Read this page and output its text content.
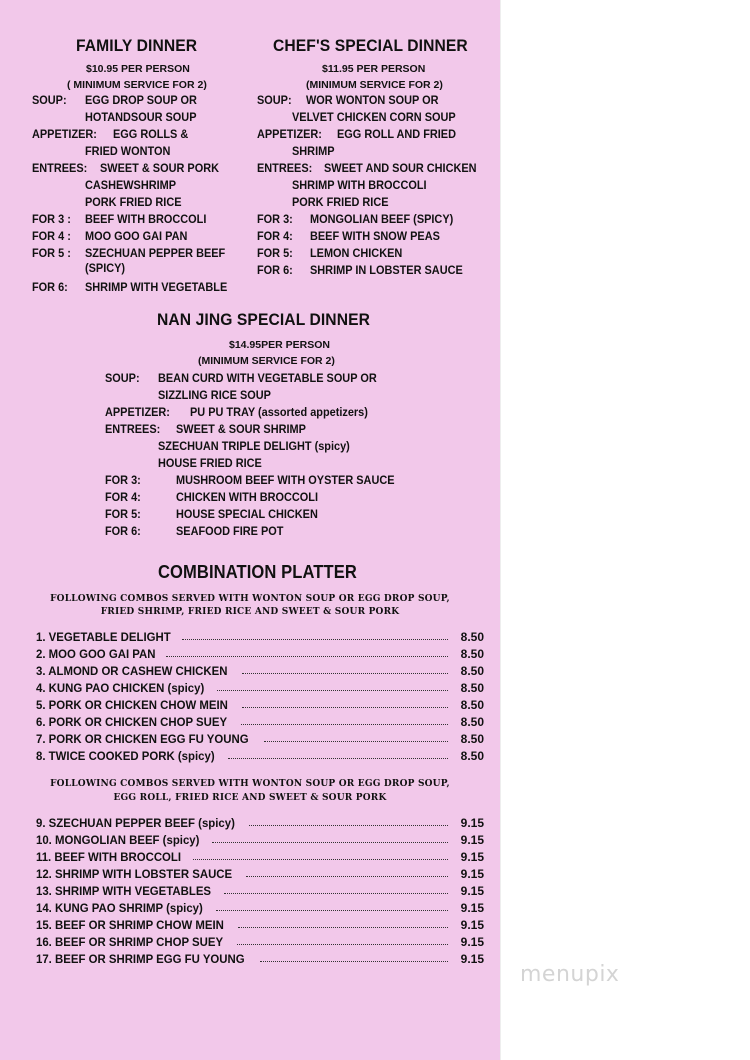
FAMILY DINNER
$10.95 PER PERSON
( MINIMUM SERVICE FOR 2)
SOUP: EGG DROP SOUP OR
HOTANDSOUR SOUP
APPETIZER: EGG ROLLS &
FRIED WONTON
ENTREES: SWEET & SOUR PORK
CASHEWSHRIMP
PORK FRIED RICE
FOR 3 : BEEF WITH BROCCOLI
FOR 4 : MOO GOO GAI PAN
FOR 5 : SZECHUAN PEPPER BEEF
(SPICY)
FOR 6: SHRIMP WITH VEGETABLE
CHEF'S SPECIAL DINNER
$11.95 PER PERSON
(MINIMUM SERVICE FOR 2)
SOUP: WOR WONTON SOUP OR
VELVET CHICKEN CORN SOUP
APPETIZER: EGG ROLL AND FRIED
SHRIMP
ENTREES: SWEET AND SOUR CHICKEN
SHRIMP WITH BROCCOLI
PORK FRIED RICE
FOR 3: MONGOLIAN BEEF (SPICY)
FOR 4: BEEF WITH SNOW PEAS
FOR 5: LEMON CHICKEN
FOR 6: SHRIMP IN LOBSTER SAUCE
NAN JING SPECIAL DINNER
$14.95PER PERSON
(MINIMUM SERVICE FOR 2)
SOUP: BEAN CURD WITH VEGETABLE SOUP OR
SIZZLING RICE SOUP
APPETIZER: PU PU TRAY (assorted appetizers)
ENTREES: SWEET & SOUR SHRIMP
SZECHUAN TRIPLE DELIGHT (spicy)
HOUSE FRIED RICE
FOR 3:	MUSHROOM BEEF WITH OYSTER SAUCE
FOR 4:	CHICKEN WITH BROCCOLI
FOR 5:	HOUSE SPECIAL CHICKEN
FOR 6:	SEAFOOD FIRE POT
COMBINATION PLATTER
FOLLOWING COMBOS SERVED WITH WONTON SOUP OR EGG DROP SOUP,
FRIED SHRIMP, FRIED RICE AND SWEET & SOUR PORK
1. VEGETABLE DELIGHT	8.50
2. MOO GOO GAI PAN	8.50
3. ALMOND OR CASHEW CHICKEN	8.50
4. KUNG PAO CHICKEN (spicy)	8.50
5. PORK OR CHICKEN CHOW MEIN	8.50
6. PORK OR CHICKEN CHOP SUEY	8.50
7. PORK OR CHICKEN EGG FU YOUNG	8.50
8. TWICE COOKED PORK (spicy)	8.50
FOLLOWING COMBOS SERVED WITH WONTON SOUP OR EGG DROP SOUP,
EGG ROLL, FRIED RICE AND SWEET & SOUR PORK
9. SZECHUAN PEPPER BEEF (spicy)	9.15
10. MONGOLIAN BEEF (spicy)	9.15
11. BEEF WITH BROCCOLI	9.15
12. SHRIMP WITH LOBSTER SAUCE	9.15
13. SHRIMP WITH VEGETABLES	9.15
14. KUNG PAO SHRIMP (spicy)	9.15
15. BEEF OR SHRIMP CHOW MEIN	9.15
16. BEEF OR SHRIMP CHOP SUEY	9.15
17. BEEF OR SHRIMP EGG FU YOUNG	9.15
menupix
